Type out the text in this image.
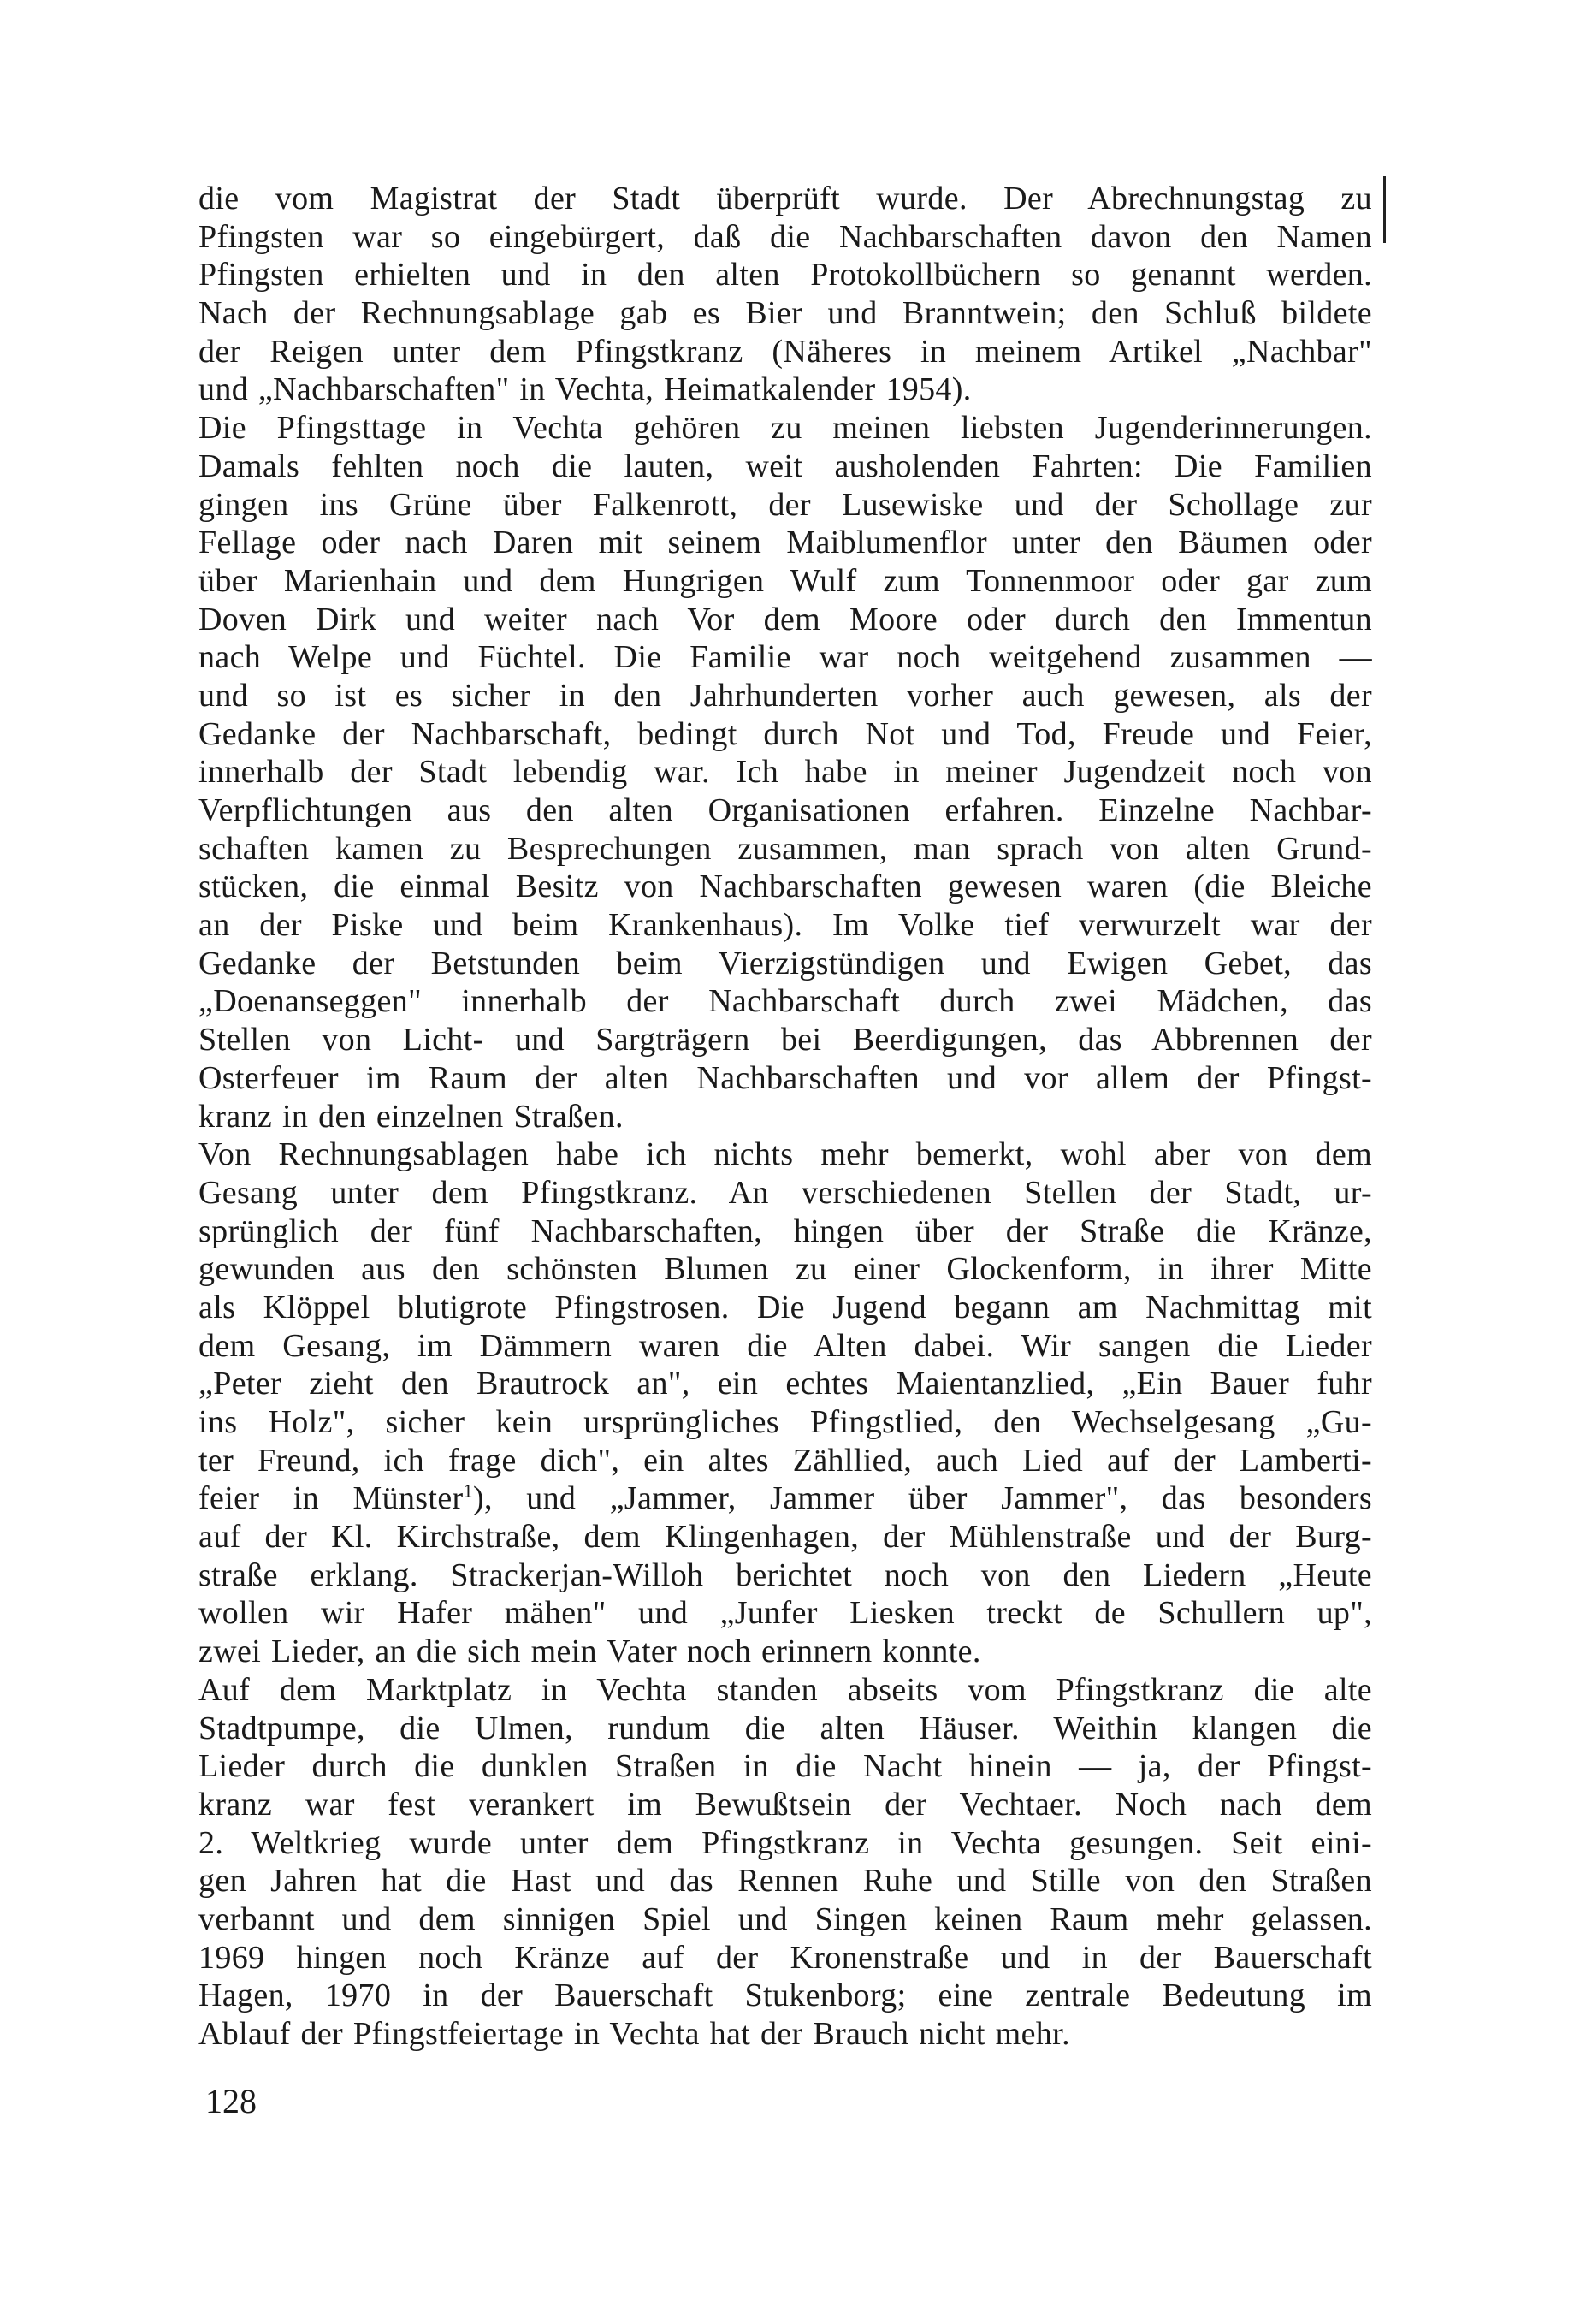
die vom Magistrat der Stadt überprüft wurde. Der Abrechnungstag zu
Pfingsten war so eingebürgert, daß die Nachbarschaften davon den Namen
Pfingsten erhielten und in den alten Protokollbüchern so genannt werden.
Nach der Rechnungsablage gab es Bier und Branntwein; den Schluß bildete
der Reigen unter dem Pfingstkranz (Näheres in meinem Artikel „Nachbar"
und „Nachbarschaften" in Vechta, Heimatkalender 1954).
Die Pfingsttage in Vechta gehören zu meinen liebsten Jugenderinnerungen.
Damals fehlten noch die lauten, weit ausholenden Fahrten: Die Familien
gingen ins Grüne über Falkenrott, der Lusewiske und der Schollage zur
Fellage oder nach Daren mit seinem Maiblumenflor unter den Bäumen oder
über Marienhain und dem Hungrigen Wulf zum Tonnenmoor oder gar zum
Doven Dirk und weiter nach Vor dem Moore oder durch den Immentun
nach Welpe und Füchtel. Die Familie war noch weitgehend zusammen —
und so ist es sicher in den Jahrhunderten vorher auch gewesen, als der
Gedanke der Nachbarschaft, bedingt durch Not und Tod, Freude und Feier,
innerhalb der Stadt lebendig war. Ich habe in meiner Jugendzeit noch von
Verpflichtungen aus den alten Organisationen erfahren. Einzelne Nachbar-
schaften kamen zu Besprechungen zusammen, man sprach von alten Grund-
stücken, die einmal Besitz von Nachbarschaften gewesen waren (die Bleiche
an der Piske und beim Krankenhaus). Im Volke tief verwurzelt war der
Gedanke der Betstunden beim Vierzigstündigen und Ewigen Gebet, das
„Doenanseggen" innerhalb der Nachbarschaft durch zwei Mädchen, das
Stellen von Licht- und Sargträgern bei Beerdigungen, das Abbrennen der
Osterfeuer im Raum der alten Nachbarschaften und vor allem der Pfingst-
kranz in den einzelnen Straßen.
Von Rechnungsablagen habe ich nichts mehr bemerkt, wohl aber von dem
Gesang unter dem Pfingstkranz. An verschiedenen Stellen der Stadt, ur-
sprünglich der fünf Nachbarschaften, hingen über der Straße die Kränze,
gewunden aus den schönsten Blumen zu einer Glockenform, in ihrer Mitte
als Klöppel blutigrote Pfingstrosen. Die Jugend begann am Nachmittag mit
dem Gesang, im Dämmern waren die Alten dabei. Wir sangen die Lieder
„Peter zieht den Brautrock an", ein echtes Maientanzlied, „Ein Bauer fuhr
ins Holz", sicher kein ursprüngliches Pfingstlied, den Wechselgesang „Gu-
ter Freund, ich frage dich", ein altes Zähllied, auch Lied auf der Lamberti-
feier in Münster$^1$), und „Jammer, Jammer über Jammer", das besonders
auf der Kl. Kirchstraße, dem Klingenhagen, der Mühlenstraße und der Burg-
straße erklang. Strackerjan-Willoh berichtet noch von den Liedern „Heute
wollen wir Hafer mähen" und „Junfer Liesken treckt de Schullern up",
zwei Lieder, an die sich mein Vater noch erinnern konnte.
Auf dem Marktplatz in Vechta standen abseits vom Pfingstkranz die alte
Stadtpumpe, die Ulmen, rundum die alten Häuser. Weithin klangen die
Lieder durch die dunklen Straßen in die Nacht hinein — ja, der Pfingst-
kranz war fest verankert im Bewußtsein der Vechtaer. Noch nach dem
2. Weltkrieg wurde unter dem Pfingstkranz in Vechta gesungen. Seit eini-
gen Jahren hat die Hast und das Rennen Ruhe und Stille von den Straßen
verbannt und dem sinnigen Spiel und Singen keinen Raum mehr gelassen.
1969 hingen noch Kränze auf der Kronenstraße und in der Bauerschaft
Hagen, 1970 in der Bauerschaft Stukenborg; eine zentrale Bedeutung im
Ablauf der Pfingstfeiertage in Vechta hat der Brauch nicht mehr.
128
